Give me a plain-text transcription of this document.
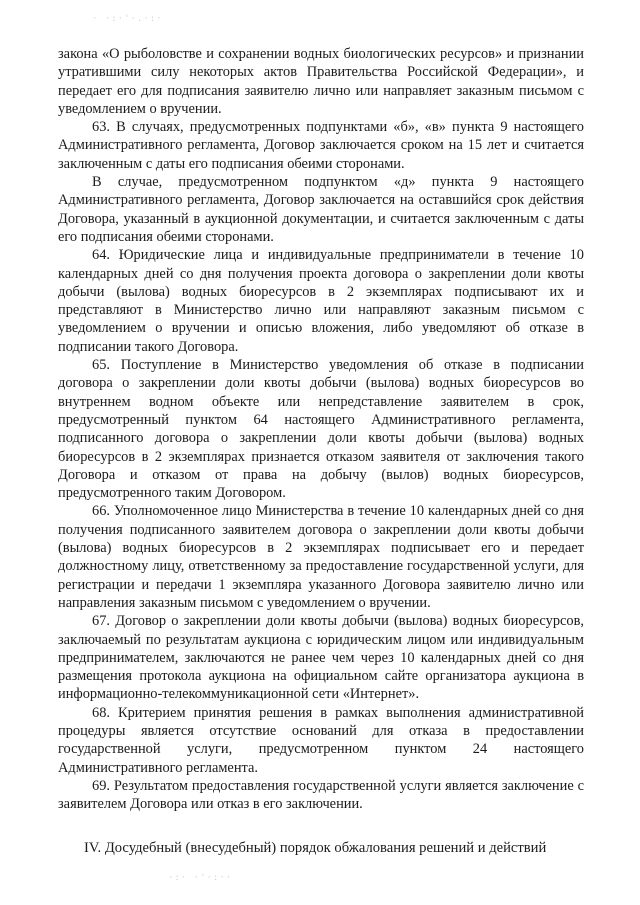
· ·:·'·.·:·

закона «О рыболовстве и сохранении водных биологических ресурсов» и признании утратившими силу некоторых актов Правительства Российской Федерации», и передает его для подписания заявителю лично или направляет заказным письмом с уведомлением о вручении.

63. В случаях, предусмотренных подпунктами «б», «в» пункта 9 настоящего Административного регламента, Договор заключается сроком на 15 лет и считается заключенным с даты его подписания обеими сторонами.

В случае, предусмотренном подпунктом «д» пункта 9 настоящего Административного регламента, Договор заключается на оставшийся срок действия Договора, указанный в аукционной документации, и считается заключенным с даты его подписания обеими сторонами.

64. Юридические лица и индивидуальные предприниматели в течение 10 календарных дней со дня получения проекта договора о закреплении доли квоты добычи (вылова) водных биоресурсов в 2 экземплярах подписывают их и представляют в Министерство лично или направляют заказным письмом с уведомлением о вручении и описью вложения, либо уведомляют об отказе в подписании такого Договора.

65. Поступление в Министерство уведомления об отказе в подписании договора о закреплении доли квоты добычи (вылова) водных биоресурсов во внутреннем водном объекте или непредставление заявителем в срок, предусмотренный пунктом 64 настоящего Административного регламента, подписанного договора о закреплении доли квоты добычи (вылова) водных биоресурсов в 2 экземплярах признается отказом заявителя от заключения такого Договора и отказом от права на добычу (вылов) водных биоресурсов, предусмотренного таким Договором.

66. Уполномоченное лицо Министерства в течение 10 календарных дней со дня получения подписанного заявителем договора о закреплении доли квоты добычи (вылова) водных биоресурсов в 2 экземплярах подписывает его и передает должностному лицу, ответственному за предоставление государственной услуги, для регистрации и передачи 1 экземпляра указанного Договора заявителю лично или направления заказным письмом с уведомлением о вручении.

67. Договор о закреплении доли квоты добычи (вылова) водных биоресурсов, заключаемый по результатам аукциона с юридическим лицом или индивидуальным предпринимателем, заключаются не ранее чем через 10 календарных дней со дня размещения протокола аукциона на официальном сайте организатора аукциона в информационно-телекоммуникационной сети «Интернет».

68. Критерием принятия решения в рамках выполнения административной процедуры является отсутствие оснований для отказа в предоставлении государственной услуги, предусмотренном пунктом 24 настоящего Административного регламента.

69. Результатом предоставления государственной услуги является заключение с заявителем Договора или отказ в его заключении.

IV. Досудебный (внесудебный) порядок обжалования решений и действий

·:· ·'·:··
